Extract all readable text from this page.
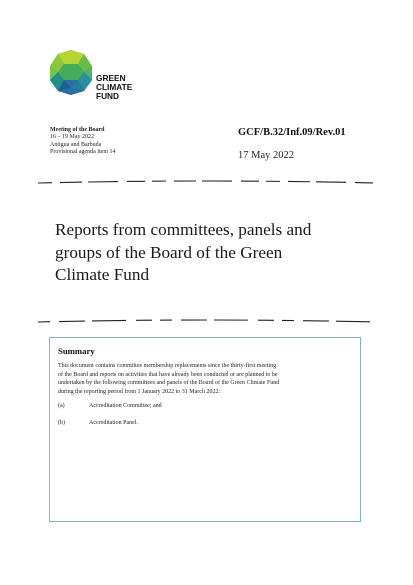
GREEN
CLIMATE
FUND
Meeting of the Board
16 – 19 May 2022
Antigua and Barbuda
Provisional agenda item 14
GCF/B.32/Inf.09/Rev.01
17 May 2022
Reports from committees, panels and
groups of the Board of the Green
Climate Fund
Summary
This document contains committee membership replacements since the thirty-first meeting
of the Board and reports on activities that have already been conducted or are planned to be
undertaken by the following committees and panels of the Board of the Green Climate Fund
during the reporting period from 1 January 2022 to 31 March 2022:
(a)	Accreditation Committee; and
(b)	Accreditation Panel.
